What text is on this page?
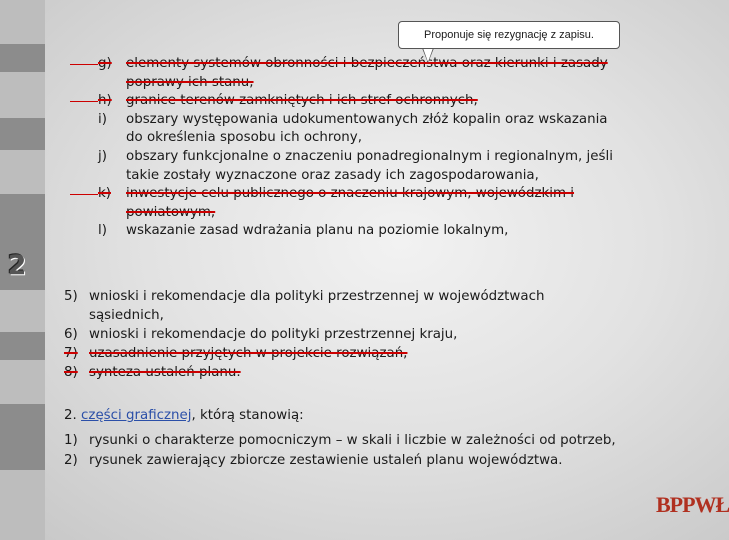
2
g) elementy systemów obronności i bezpieczeństwa oraz kierunki i zasady
poprawy ich stanu,
h) granice terenów zamkniętych i ich stref ochronnych,
i) obszary występowania udokumentowanych złóż kopalin oraz wskazania
do określenia sposobu ich ochrony,
j) obszary funkcjonalne o znaczeniu ponadregionalnym i regionalnym, jeśli
takie zostały wyznaczone oraz zasady ich zagospodarowania,
k) inwestycje celu publicznego o znaczeniu krajowym, wojewódzkim i
powiatowym,
l) wskazanie zasad wdrażania planu na poziomie lokalnym,
5) wnioski i rekomendacje dla polityki przestrzennej w województwach
sąsiednich,
6) wnioski i rekomendacje do polityki przestrzennej kraju,
7) uzasadnienie przyjętych w projekcie rozwiązań,
8) synteza ustaleń planu.
2. części graficznej, którą stanowią:
1) rysunki o charakterze pomocniczym – w skali i liczbie w zależności od potrzeb,
2) rysunek zawierający zbiorcze zestawienie ustaleń planu województwa.
Proponuje się rezygnację z zapisu.
BPPWŁ
